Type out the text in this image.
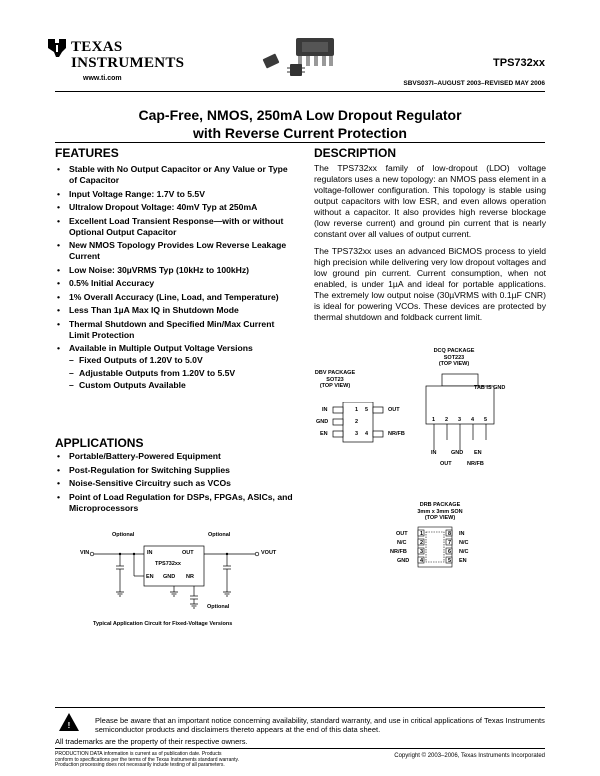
TEXAS
INSTRUMENTS
www.ti.com
TPS732xx
SBVS037I–AUGUST 2003–REVISED MAY 2006
Cap-Free, NMOS, 250mA Low Dropout Regulator
with Reverse Current Protection
FEATURES
• Stable with No Output Capacitor or Any Value or Type of Capacitor
• Input Voltage Range: 1.7V to 5.5V
• Ultralow Dropout Voltage: 40mV Typ at 250mA
• Excellent Load Transient Response—with or without Optional Output Capacitor
• New NMOS Topology Provides Low Reverse Leakage Current
• Low Noise: 30µVRMS Typ (10kHz to 100kHz)
• 0.5% Initial Accuracy
• 1% Overall Accuracy (Line, Load, and Temperature)
• Less Than 1µA Max IQ in Shutdown Mode
• Thermal Shutdown and Specified Min/Max Current Limit Protection
• Available in Multiple Output Voltage Versions
– Fixed Outputs of 1.20V to 5.0V
– Adjustable Outputs from 1.20V to 5.5V
– Custom Outputs Available
APPLICATIONS
• Portable/Battery-Powered Equipment
• Post-Regulation for Switching Supplies
• Noise-Sensitive Circuitry such as VCOs
• Point of Load Regulation for DSPs, FPGAs, ASICs, and Microprocessors
Optional	Optional
Optional
VIN	VOUT
IN	OUT
TPS732xx
EN GND NR
Typical Application Circuit for Fixed-Voltage Versions
DESCRIPTION

The TPS732xx family of low-dropout (LDO) voltage regulators uses a new topology: an NMOS pass element in a voltage-follower configuration. This topology is stable using output capacitors with low ESR, and even allows operation without a capacitor. It also provides high reverse blockage (low reverse current) and ground pin current that is nearly constant over all values of output current.

The TPS732xx uses an advanced BiCMOS process to yield high precision while delivering very low dropout voltages and low ground pin current. Current consumption, when not enabled, is under 1µA and ideal for portable applications. The extremely low output noise (30µVRMS with 0.1µF CNR) is ideal for powering VCOs. These devices are protected by thermal shutdown and foldback current limit.

DBV PACKAGE
SOT23
(TOP VIEW)
IN
GND
EN
1
2
3
5
4
OUT
NR/FB
DCQ PACKAGE
SOT223
(TOP VIEW)
TAB IS GND
1 2 3 4 5
IN	GND EN
OUT	NR/FB
DRB PACKAGE
3mm x 3mm SON
(TOP VIEW)
OUT
N/C
NR/FB
GND
1
2
3
4
8
7
6
5
IN
N/C
N/C
EN
!
Please be aware that an important notice concerning availability, standard warranty, and use in critical applications of Texas Instruments semiconductor products and disclaimers thereto appears at the end of this data sheet.
All trademarks are the property of their respective owners.
PRODUCTION DATA information is current as of publication date. Products conform to specifications per the terms of the Texas Instruments standard warranty. Production processing does not necessarily include testing of all parameters.
Copyright © 2003–2006, Texas Instruments Incorporated
